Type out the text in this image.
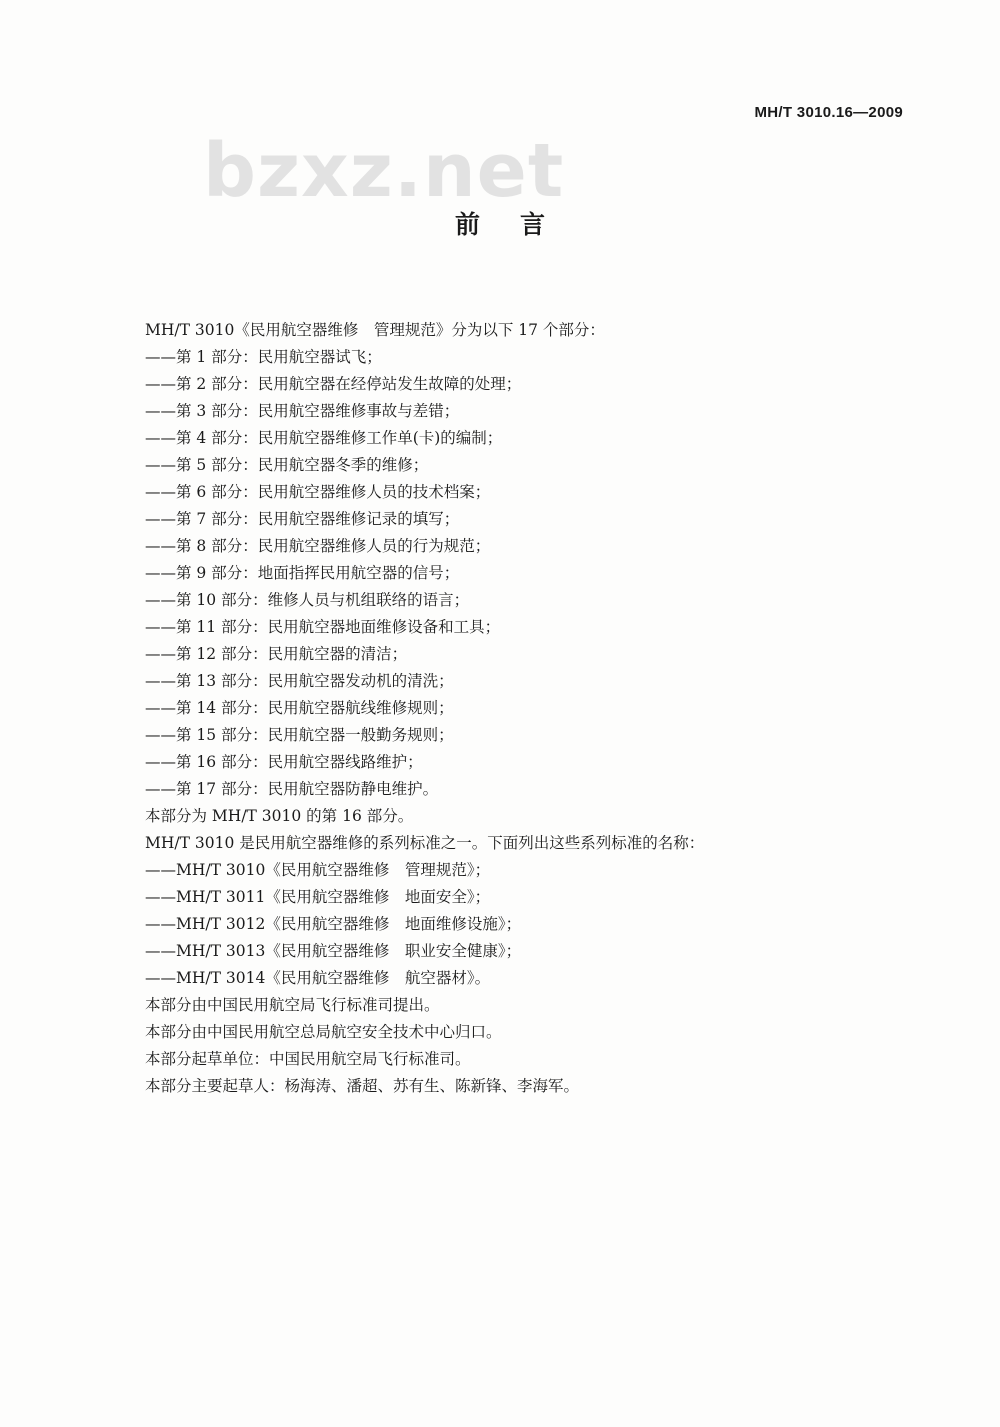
MH/T 3010.16—2009
bzxz.net
前言
MH/T 3010《民用航空器维修　管理规范》分为以下 17 个部分：
——第 1 部分：民用航空器试飞；
——第 2 部分：民用航空器在经停站发生故障的处理；
——第 3 部分：民用航空器维修事故与差错；
——第 4 部分：民用航空器维修工作单(卡)的编制；
——第 5 部分：民用航空器冬季的维修；
——第 6 部分：民用航空器维修人员的技术档案；
——第 7 部分：民用航空器维修记录的填写；
——第 8 部分：民用航空器维修人员的行为规范；
——第 9 部分：地面指挥民用航空器的信号；
——第 10 部分：维修人员与机组联络的语言；
——第 11 部分：民用航空器地面维修设备和工具；
——第 12 部分：民用航空器的清洁；
——第 13 部分：民用航空器发动机的清洗；
——第 14 部分：民用航空器航线维修规则；
——第 15 部分：民用航空器一般勤务规则；
——第 16 部分：民用航空器线路维护；
——第 17 部分：民用航空器防静电维护。
本部分为 MH/T 3010 的第 16 部分。
MH/T 3010 是民用航空器维修的系列标准之一。下面列出这些系列标准的名称：
——MH/T 3010《民用航空器维修　管理规范》；
——MH/T 3011《民用航空器维修　地面安全》；
——MH/T 3012《民用航空器维修　地面维修设施》；
——MH/T 3013《民用航空器维修　职业安全健康》；
——MH/T 3014《民用航空器维修　航空器材》。
本部分由中国民用航空局飞行标准司提出。
本部分由中国民用航空总局航空安全技术中心归口。
本部分起草单位：中国民用航空局飞行标准司。
本部分主要起草人：杨海涛、潘超、苏有生、陈新锋、李海军。
